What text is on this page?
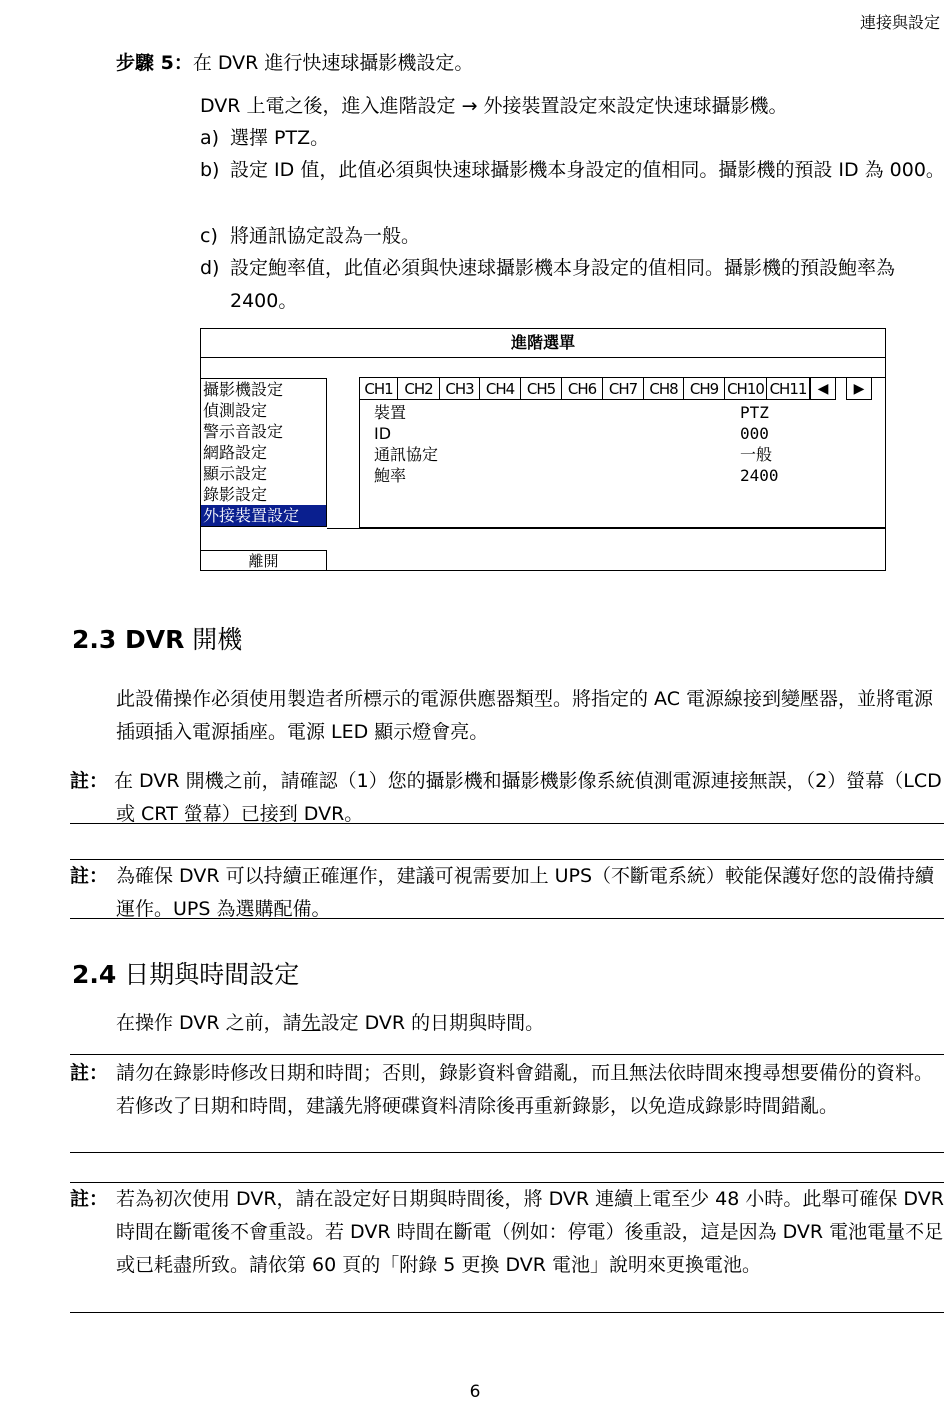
連接與設定
步驟 5：在 DVR 進行快速球攝影機設定。
DVR 上電之後，進入進階設定 → 外接裝置設定來設定快速球攝影機。
a) 選擇 PTZ。
b) 設定 ID 值，此值必須與快速球攝影機本身設定的值相同。攝影機的預設 ID 為 000。
c) 將通訊協定設為一般。
d) 設定鮑率值，此值必須與快速球攝影機本身設定的值相同。攝影機的預設鮑率為 2400。
進階選單
攝影機設定
偵測設定
警示音設定
網路設定
顯示設定
錄影設定
外接裝置設定
離開
CH1 CH2 CH3 CH4 CH5 CH6 CH7 CH8 CH9 CH10 CH11 ◀	▶
裝置	PTZ
ID	000
通訊協定	一般
鮑率	2400
2.3 DVR 開機
此設備操作必須使用製造者所標示的電源供應器類型。將指定的 AC 電源線接到變壓器，並將電源插頭插入電源插座。電源 LED 顯示燈會亮。
註： 在 DVR 開機之前，請確認（1）您的攝影機和攝影機影像系統偵測電源連接無誤，（2）螢幕（LCD 或 CRT 螢幕）已接到 DVR。
註： 為確保 DVR 可以持續正確運作，建議可視需要加上 UPS（不斷電系統）較能保護好您的設備持續運作。UPS 為選購配備。
2.4 日期與時間設定
在操作 DVR 之前，請先設定 DVR 的日期與時間。
註： 請勿在錄影時修改日期和時間；否則，錄影資料會錯亂，而且無法依時間來搜尋想要備份的資料。若修改了日期和時間，建議先將硬碟資料清除後再重新錄影，以免造成錄影時間錯亂。
註： 若為初次使用 DVR，請在設定好日期與時間後，將 DVR 連續上電至少 48 小時。此舉可確保 DVR 時間在斷電後不會重設。若 DVR 時間在斷電（例如：停電）後重設，這是因為 DVR 電池電量不足或已耗盡所致。請依第 60 頁的「附錄 5 更換 DVR 電池」說明來更換電池。
6
